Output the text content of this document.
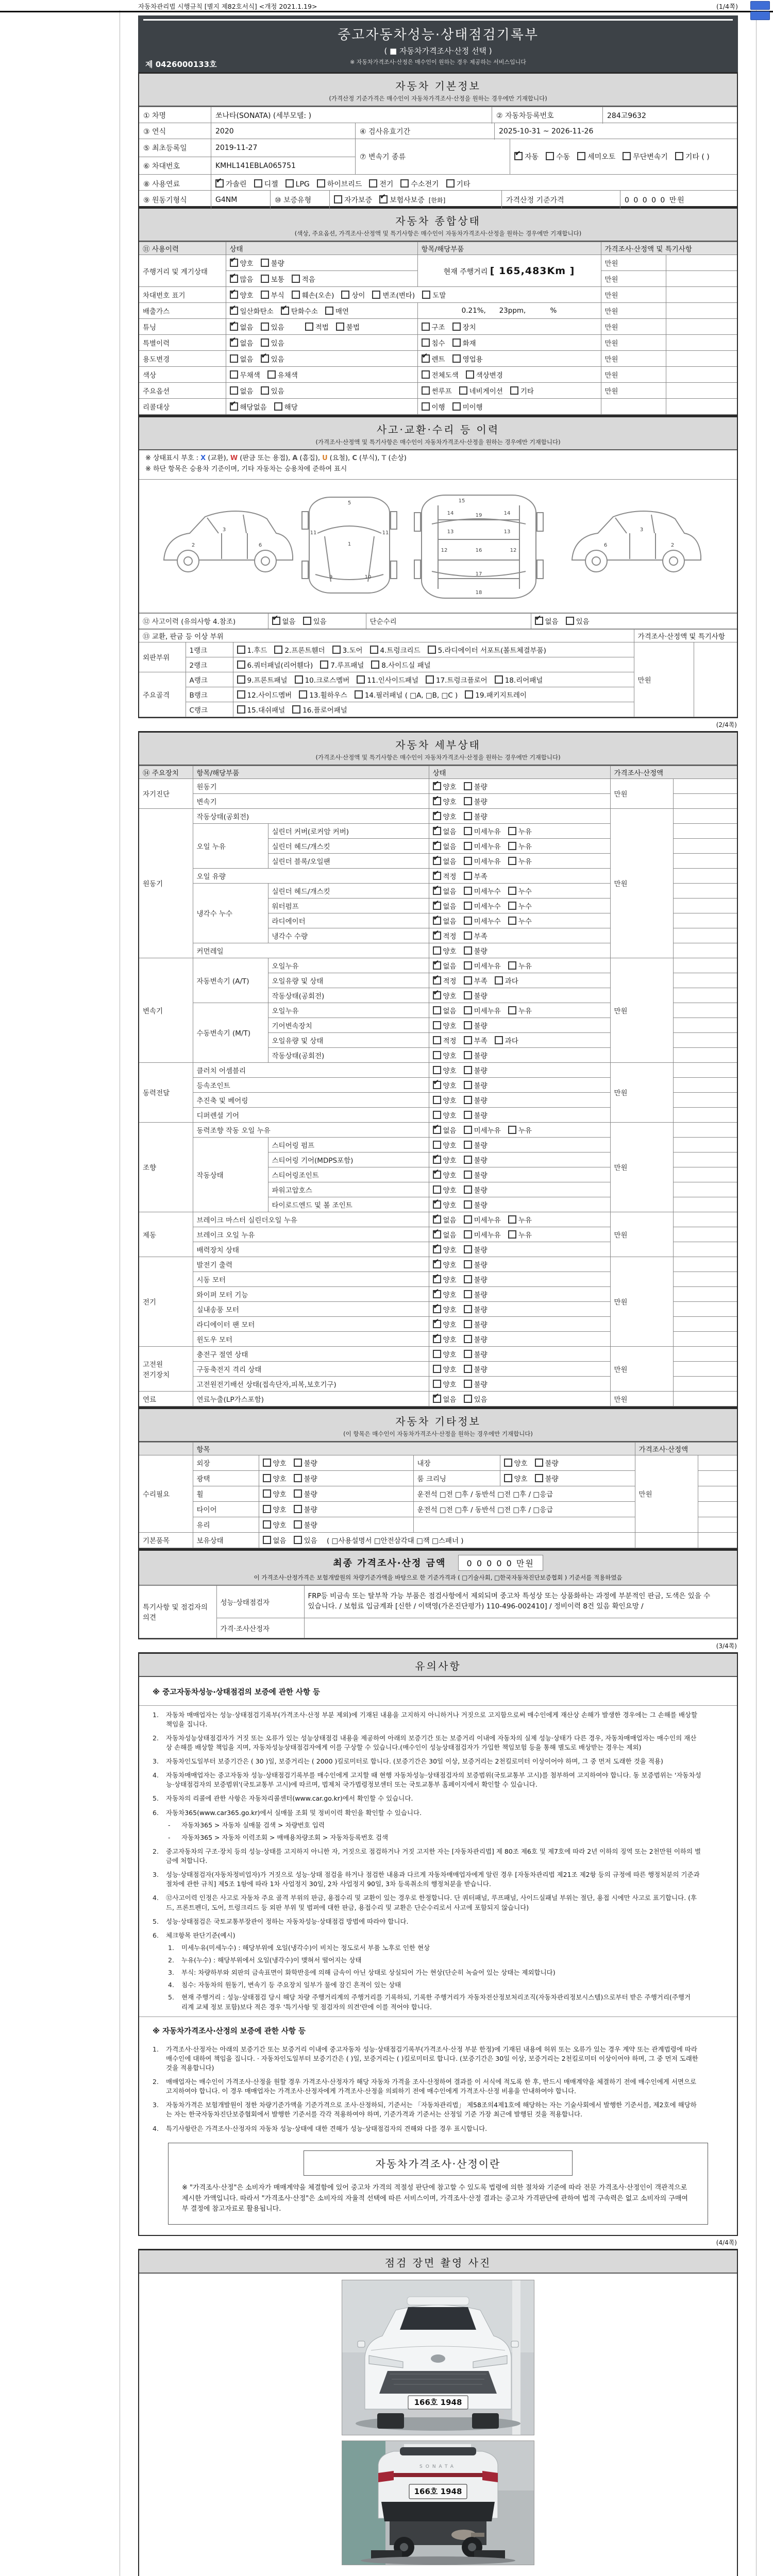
자동차관리법 시행규칙 [별지 제82호서식] <개정 2021.1.19>	(1/4쪽)
중고자동차성능·상태점검기록부
( ■ 자동차가격조사·산정 선택 )
※ 자동차가격조사·산정은 매수인이 원하는 경우 제공하는 서비스입니다
제 0426000133호
자동차 기본정보
(가격산정 기준가격은 매수인이 자동차가격조사·산정을 원하는 경우에만 기재합니다)
① 차명	쏘나타(SONATA) (세부모델: )	② 자동차등록번호	284고9632
③ 연식	2020	④ 검사유효기간	2025-10-31 ~ 2026-11-26
⑤ 최초등록일	2019-11-27
⑦ 변속기 종류	✔ 자동	수동	세미오토	무단변속기	기타 ( )
⑥ 차대번호	KMHL141EBLA065751
⑧ 사용연료	✔ 가솔린	디젤	LPG	하이브리드	전기	수소전기	기타
⑨ 원동기형식	G4NM	⑩ 보증유형	자가보증 ✔ 보험사보증 [한화]	가격산정 기준가격	0 0 0 0 0 만원
자동차 종합상태
(색상, 주요옵션, 가격조사·산정액 및 특기사항은 매수인이 자동차가격조사·산정을 원하는 경우에만 기재합니다)
⑪ 사용이력	상태	항목/해당부품	가격조사·산정액 및 특기사항	
주행거리 및 계기상태	✔ 양호 불량	현재 주행거리 [ 165,483Km ]	만원	

	✔ 많음 보통 적음		만원	
차대번호 표기	✔ 양호 부식 훼손(오손) 상이 변조(변타) 도말		만원	
배출가스	✔ 일산화탄소 ✔ 탄화수소 매연	0.21%,      23ppm,           %	만원	
튜닝	✔ 없음 있음 적법 불법	구조 장치	만원	
특별이력	✔ 없음 있음	침수 화재	만원	
용도변경	없음 ✔ 있음	✔ 렌트 영업용	만원	
색상	무채색 유채색	전체도색 색상변경	만원	
주요옵션	없음 있음	썬루프 네비게이션 기타	만원	
리콜대상	✔ 해당없음 해당	이행 미이행		
사고·교환·수리 등 이력
(가격조사·산정액 및 특기사항은 매수인이 자동차가격조사·산정을 원하는 경우에만 기재합니다)
※ 상태표시 부호 : X (교환), W (판금 또는 용접), A (흠집), U (요철), C (부식), T (손상)
※ 하단 항목은 승용차 기준이며, 기타 자동차는 승용차에 준하여 표시
3
2	6	1
5
9	10
11	11
14	14
15
16
12	12
13	13
17
18
19
3
2
6
⑫ 사고이력 (유의사항 4.참조)	✔ 없음	있음	단순수리	✔ 없음	있음
⑬ 교환, 판금 등 이상 부위			가격조사·산정액 및 특기사항	
외판부위	1랭크	1.후드 2.프론트휀더 3.도어 4.트렁크리드 5.라디에이터 서포트(볼트체결부품)	만원	
	2랭크	6.쿼터패널(리어휀다) 7.루프패널 8.사이드실 패널		
주요골격	A랭크	9.프론트패널 10.크로스멤버 11.인사이드패널 17.트렁크플로어 18.리어패널		
	B랭크	12.사이드멤버 13.휠하우스 14.필러패널 ( □A, □B, □C ) 19.패키지트레이		
	C랭크	15.대쉬패널 16.플로어패널		
(2/4쪽)
자동차 세부상태
(가격조사·산정액 및 특기사항은 매수인이 자동차가격조사·산정을 원하는 경우에만 기재합니다)
⑭ 주요장치	항목/해당부품		상태	가격조사·산정액	
자기진단	원동기		✔ 양호 불량	만원	
	변속기		✔ 양호 불량		
원동기	작동상태(공회전)		✔ 양호 불량	만원	
	오일 누유	실린더 커버(로커암 커버)	✔ 없음 미세누유 누유		
		실린더 헤드/개스킷	✔ 없음 미세누유 누유		
		실린더 블록/오일팬	✔ 없음 미세누유 누유		
	오일 유량		✔ 적정 부족		
	냉각수 누수	실린더 헤드/개스킷	✔ 없음 미세누수 누수		
		워터펌프	✔ 없음 미세누수 누수		
		라디에이터	✔ 없음 미세누수 누수		
		냉각수 수량	✔ 적정 부족		
	커먼레일		양호 불량		
변속기	자동변속기 (A/T)	오일누유	✔ 없음 미세누유 누유	만원	
		오일유량 및 상태	✔ 적정 부족 과다		
		작동상태(공회전)	✔ 양호 불량		
	수동변속기 (M/T)	오일누유	없음 미세누유 누유		
		기어변속장치	양호 불량		
		오일유량 및 상태	적정 부족 과다		
		작동상태(공회전)	양호 불량		
동력전달	클러치 어셈블리		양호 불량	만원	
	등속조인트		✔ 양호 불량		
	추진축 및 베어링		양호 불량		
	디퍼렌셜 기어		양호 불량		
조향	동력조향 작동 오일 누유		✔ 없음 미세누유 누유	만원	
	작동상태	스티어링 펌프	양호 불량		
		스티어링 기어(MDPS포함)	✔ 양호 불량		
		스티어링조인트	✔ 양호 불량		
		파워고압호스	양호 불량		
		타이로드엔드 및 볼 조인트	✔ 양호 불량		
제동	브레이크 마스터 실린더오일 누유		✔ 없음 미세누유 누유	만원	
	브레이크 오일 누유		✔ 없음 미세누유 누유		
	배력장치 상태		✔ 양호 불량		
전기	발전기 출력		✔ 양호 불량	만원	
	시동 모터		✔ 양호 불량		
	와이퍼 모터 기능		✔ 양호 불량		
	실내송풍 모터		✔ 양호 불량		
	라디에이터 팬 모터		✔ 양호 불량		
	윈도우 모터		✔ 양호 불량		
고전원 전기장치	충전구 절연 상태		양호 불량	만원	
	구동축전지 격리 상태		양호 불량		
	고전원전기배선 상태(접속단자,피복,보호기구)		양호 불량		
연료	연료누출(LP가스포함)		✔ 없음 있음	만원	
자동차 기타정보
(이 항목은 매수인이 자동차가격조사·산정을 원하는 경우에만 기재합니다)
	항목				가격조사·산정액	
수리필요	외장	양호 불량	내장	양호 불량	만원	
	광택	양호 불량	룸 크리닝	양호 불량		
	휠	양호 불량	운전석 □전 □후 / 동반석 □전 □후 / □응급			
	타이어	양호 불량	운전석 □전 □후 / 동반석 □전 □후 / □응급			
	유리	양호 불량				
기본품목	보유상태	없음 있음 ( □사용설명서 □안전삼각대 □잭 □스패너 )				
최종 가격조사·산정 금액	0 0 0 0 0 만원
이 가격조사·산정가격은 보험개발원의 차량기준가액을 바탕으로 한 기준가격과 ( □기술사회, □한국자동차진단보증협회 ) 기준서를 적용하였음
특기사항 및 점검자의 의견	성능·상태점검자	FRP등 비금속 또는 탈부착 가능 부품은 점검사항에서 제외되며 중고차 특성상 또는 상품화하는 과정에 부분적인 판금, 도색은 있을 수 있습니다. / 보험료 입금계좌 [신한 / 이택영(가온진단평가) 110-496-002410] / 정비이력 8건 있음 확인요망 /
	가격·조사산정자	
(3/4쪽)
유의사항
※ 중고자동차성능·상태점검의 보증에 관한 사항 등
1. 자동차 매매업자는 성능·상태점검기록부(가격조사·산정 부분 제외)에 기재된 내용을 고지하지 아니하거나 거짓으로 고지함으로써 매수인에게 재산상 손해가 발생한 경우에는 그 손해를 배상할 책임을 집니다.
2. 자동차성능상태점검자가 거짓 또는 오류가 있는 성능상태점검 내용을 제공하여 아래의 보증기간 또는 보증거리 이내에 자동차의 실제 성능·상태가 다른 경우, 자동차매매업자는 매수인의 재산상 손해를 배상할 책임을 지며, 자동차성능상태점검자에게 이를 구상할 수 있습니다.(매수인이 성능상태점검자가 가입한 책임보험 등을 통해 별도로 배상받는 경우는 제외)
3. 자동차인도일부터 보증기간은 ( 30 )일, 보증거리는 ( 2000 )킬로미터로 합니다. (보증기간은 30일 이상, 보증거리는 2천킬로미터 이상이어야 하며, 그 중 먼저 도래한 것을 적용)
4. 자동차매매업자는 중고자동차 성능·상태점검기록부를 매수인에게 고지할 때 현행 자동차성능·상태점검자의 보증범위(국토교통부 고시)를 첨부하여 고지하여야 합니다. 동 보증범위는 '자동차성능·상태점검자의 보증범위'(국토교통부 고시)에 따르며, 법제처 국가법령정보센터 또는 국토교통부 홈페이지에서 확인할 수 있습니다.
5. 자동차의 리콜에 관한 사항은 자동차리콜센터(www.car.go.kr)에서 확인할 수 있습니다.
6. 자동차365(www.car365.go.kr)에서 실매물 조회 및 정비이력 확인을 확인할 수 있습니다.
- 자동차365 > 자동차 실매물 검색 > 차량번호 입력
- 자동차365 > 자동차 이력조회 > 매매용차량조회 > 자동차등록번호 검색
2. 중고자동차의 구조·장치 등의 성능·상태를 고지하지 아니한 자, 거짓으로 점검하거나 거짓 고지한 자는 [자동차관리법] 제 80조 제6호 및 제7호에 따라 2년 이하의 징역 또는 2천만원 이하의 벌금에 처합니다.
3. 성능·상태점검자(자동차정비업자)가 거짓으로 성능·상태 점검을 하거나 점검한 내용과 다르게 자동차매매업자에게 알린 경우 [자동차관리법 제21조 제2항 등의 규정에 따른 행정처분의 기준과 절차에 관한 규칙] 제5조 1항에 따라 1차 사업정지 30일, 2차 사업정지 90일, 3차 등록취소의 행정처분을 받습니다.
4. ⑫사고이력 인정은 사고로 자동차 주요 골격 부위의 판금, 용접수리 및 교환이 있는 경우로 한정합니다. 단 쿼터패널, 루프패널, 사이드실패널 부위는 절단, 용접 시에만 사고로 표기합니다. (후드, 프론트펜더, 도어, 트렁크리드 등 외판 부위 및 범퍼에 대한 판금, 용접수리 및 교환은 단순수리로서 사고에 포함되지 않습니다)
5. 성능·상태점검은 국토교통부장관이 정하는 자동차성능·상태점검 방법에 따라야 합니다.
6. 체크항목 판단기준(예시)
1. 미세누유(미세누수) : 해당부위에 오일(냉각수)이 비치는 정도로서 부품 노후로 인한 현상
2. 누유(누수) : 해당부위에서 오일(냉각수)이 맺혀서 떨어지는 상태
3. 부식: 차량하부와 외판의 금속표면이 화학반응에 의해 금속이 아닌 상태로 상실되어 가는 현상(단순히 녹슬어 있는 상태는 제외합니다)
4. 침수: 자동차의 원동기, 변속기 등 주요장치 일부가 물에 잠긴 흔적이 있는 상태
5. 현재 주행거리 : 성능·상태점검 당시 해당 차량 주행거리계의 주행거리를 기록하되, 기록한 주행거리가 자동차전산정보처리조직(자동차관리정보시스템)으로부터 받은 주행거리(주행거리계 교체 정보 포함)보다 적은 경우 '특기사항 및 점검자의 의견'란에 이를 적어야 합니다.
※ 자동차가격조사·산정의 보증에 관한 사항 등
1. 가격조사·산정자는 아래의 보증기간 또는 보증거리 이내에 중고자동차 성능·상태점검기록부(가격조사·산정 부분 한정)에 기재된 내용에 허위 또는 오류가 있는 경우 계약 또는 관계법령에 따라 매수인에 대하여 책임을 집니다. · 자동차인도일부터 보증기간은 ( )일, 보증거리는 ( )킬로미터로 합니다. (보증기간은 30일 이상, 보증거리는 2천킬로미터 이상이어야 하며, 그 중 먼저 도래한 것을 적용합니다)
2. 매매업자는 매수인이 가격조사·산정을 원할 경우 가격조사·산정자가 해당 자동차 가격을 조사·산정하여 결과를 이 서식에 적도록 한 후, 반드시 매매계약을 체결하기 전에 매수인에게 서면으로 고지하여야 합니다. 이 경우 매매업자는 가격조사·산정자에게 가격조사·산정을 의뢰하기 전에 매수인에게 가격조사·산정 비용을 안내하여야 합니다.
3. 자동차가격은 보험개발원이 정한 차량기준가액을 기준가격으로 조사·산정하되, 기준서는 「자동차관리법」 제58조의4제1호에 해당하는 자는 기술사회에서 발행한 기준서를, 제2호에 해당하는 자는 한국자동차진단보증협회에서 발행한 기준서를 각각 적용하여야 하며, 기준가격과 기준서는 산정일 기준 가장 최근에 발행된 것을 적용합니다.
4. 특기사항란은 가격조사·산정자의 자동차 성능·상태에 대한 견해가 성능·상태점검자의 견해와 다를 경우 표시합니다.
자동차가격조사·산정이란
※ "가격조사·산정"은 소비자가 매매계약을 체결함에 있어 중고차 가격의 적절성 판단에 참고할 수 있도록 법령에 의한 절차와 기준에 따라 전문 가격조사·산정인이 객관적으로 제시한 가액입니다. 따라서 "가격조사·산정"은 소비자의 자율적 선택에 따른 서비스이며, 가격조사·산정 결과는 중고차 가격판단에 관하여 법적 구속력은 없고 소비자의 구매여부 결정에 참고자료로 활용됩니다.
(4/4쪽)
점검 장면 촬영 사진
166호 1948
SONATA
166호 1948
